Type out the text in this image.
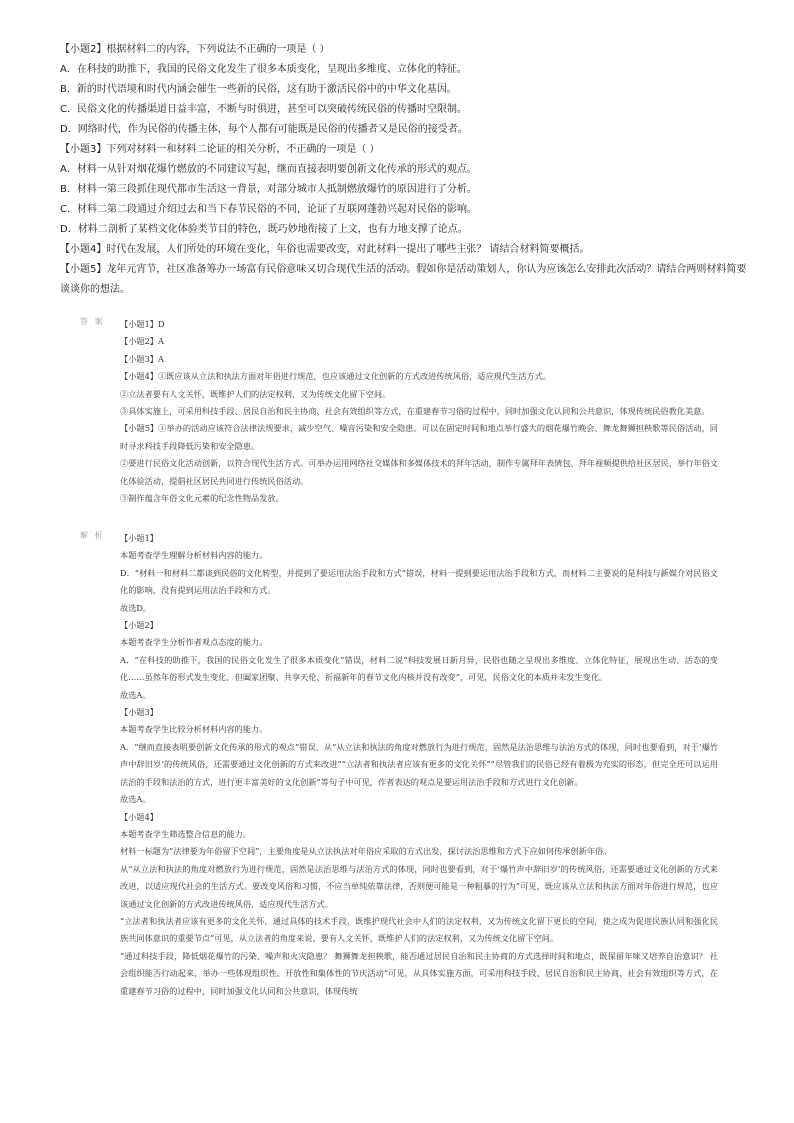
【小题2】根据材料二的内容，下列说法不正确的一项是（ ）
A．在科技的助推下，我国的民俗文化发生了很多本质变化，呈现出多维度、立体化的特征。
B．新的时代语境和时代内涵会催生一些新的民俗，这有助于激活民俗中的中华文化基因。
C．民俗文化的传播渠道日益丰富，不断与时俱进，甚至可以突破传统民俗的传播时空限制。
D．网络时代，作为民俗的传播主体，每个人都有可能既是民俗的传播者又是民俗的接受者。
【小题3】下列对材料一和材料二论证的相关分析，不正确的一项是（ ）
A．材料一从针对烟花爆竹燃放的不同建议写起，继而直接表明要创新文化传承的形式的观点。
B．材料一第三段抓住现代都市生活这一背景，对部分城市人抵制燃放爆竹的原因进行了分析。
C．材料二第二段通过介绍过去和当下春节民俗的不同，论证了互联网蓬勃兴起对民俗的影响。
D．材料二剖析了某档文化体验类节目的特色，既巧妙地衔接了上文，也有力地支撑了论点。
【小题4】时代在发展，人们所处的环境在变化，年俗也需要改变，对此材料一提出了哪些主张？ 请结合材料简要概括。
【小题5】龙年元宵节，社区准备筹办一场富有民俗意味又切合现代生活的活动。假如你是活动策划人，你认为应该怎么安排此次活动？请结合两则材料简要谈谈你的想法。
答 案 【小题1】D
【小题2】A
【小题3】A
【小题4】①既应该从立法和执法方面对年俗进行规范，也应该通过文化创新的方式改进传统风俗，适应现代生活方式。
②立法者要有人文关怀，既维护人们的法定权利，又为传统文化留下空间。
③具体实施上，可采用科技手段、居民自治和民主协商、社会有效组织等方式，在重建春节习俗的过程中，同时加强文化认同和公共意识，体现传统民俗教化美意。
【小题5】①举办的活动应该符合法律法规要求，减少空气、噪音污染和安全隐患。可以在固定时间和地点举行盛大的烟花爆竹晚会、舞龙舞狮担秧歌等民俗活动，同时寻求科技手段降低污染和安全隐患。
②要进行民俗文化活动创新，以符合现代生活方式。可举办运用网络社交媒体和多媒体技术的拜年活动，制作专属拜年表情包、拜年视频提供给社区居民，举行年俗文化体验活动，提倡社区居民共同进行传统民俗活动。
③制作蕴含年俗文化元素的纪念性物品发放。
解 析 【小题1】
本题考查学生理解分析材料内容的能力。
D．“材料一和材料二都谈到民俗的文化转型，并提到了要运用法治手段和方式”错误，材料一提到要运用法治手段和方式，而材料二主要说的是科技与新媒介对民俗文化的影响，没有提到运用法治手段和方式。
故选D。
【小题2】
本题考查学生分析作者观点态度的能力。
A．“在科技的助推下，我国的民俗文化发生了很多本质变化”错误，材料二说“科技发展日新月异，民俗也随之呈现出多维度、立体化特征，展现出生动、活态的变化……虽然年俗形式发生变化，但阖家团聚、共享天伦、祈福新年的春节文化内核并没有改变”，可见，民俗文化的本质并未发生变化。
故选A。
【小题3】
本题考查学生比较分析材料内容的能力。
A．“继而直接表明要创新文化传承的形式的观点”错误，从“从立法和执法的角度对燃放行为进行规范，固然是法治思维与法治方式的体现，同时也要看到，对于‘爆竹声中辞旧岁’的传统风俗，还需要通过文化创新的方式来改进”“立法者和执法者应该有更多的文化关怀”“尽管我们的民俗已经有着极为充实的形态，但完全还可以运用法治的手段和法治的方式，进行更丰富美好的文化创新”等句子中可见，作者表达的观点是要运用法治手段和方式进行文化创新。
故选A。
【小题4】
本题考查学生筛选整合信息的能力。
材料一标题为“法律要为年俗留下空间”，主要角度是从立法执法对年俗应采取的方式出发，探讨法治思维和方式下应如何传承创新年俗。
从“从立法和执法的角度对燃放行为进行规范，固然是法治思维与法治方式的体现，同时也要看到，对于‘爆竹声中辞旧岁’的传统风俗，还需要通过文化创新的方式来改进，以适应现代社会的生活方式。要改变风俗和习惯，不应当单纯依靠法律，否则便可能是一种粗暴的行为”可见，既应该从立法和执法方面对年俗进行规范，也应该通过文化创新的方式改进传统风俗，适应现代生活方式。
“立法者和执法者应该有更多的文化关怀，通过具体的技术手段，既维护现代社会中人们的法定权利，又为传统文化留下更长的空间，使之成为促进民族认同和强化民族共同体意识的重要节点”可见，从立法者的角度来说，要有人文关怀，既维护人们的法定权利，又为传统文化留下空间。
“通过科技手段，降低烟花爆竹的污染、噪声和火灾隐患？ 舞狮舞龙担秧歌，能否通过居民自治和民主协商的方式选择时间和地点，既保留年味又培养自治意识？ 社会组织能否行动起来，举办一些体现组织性、开放性和集体性的节庆活动”可见，从具体实施方面，可采用科技手段、居民自治和民主协商、社会有效组织等方式，在重建春节习俗的过程中，同时加强文化认同和公共意识，体现传统
